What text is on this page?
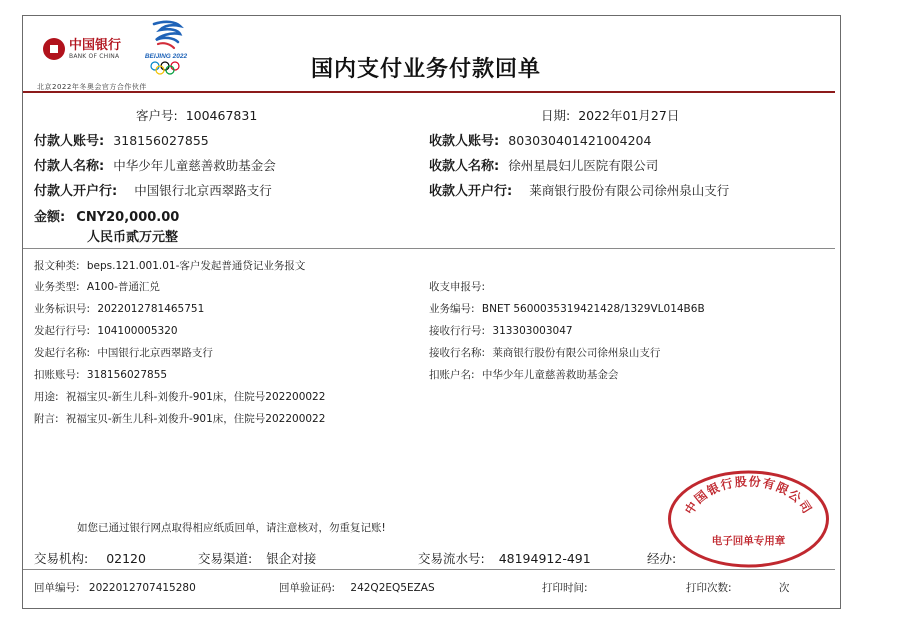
中国银行
BANK OF CHINA	BEIJING 2022
北京2022年冬奥会官方合作伙伴
国内支付业务付款回单
客户号: 100467831	日期: 2022年01月27日
付款人账号: 318156027855	收款人账号: 803030401421004204
付款人名称: 中华少年儿童慈善救助基金会	收款人名称: 徐州星晨妇儿医院有限公司
付款人开户行: 中国银行北京西翠路支行	收款人开户行: 莱商银行股份有限公司徐州泉山支行
金额: CNY20,000.00
人民币贰万元整
报文种类: beps.121.001.01-客户发起普通贷记业务报文
业务类型: A100-普通汇兑	收支申报号:
业务标识号: 2022012781465751	业务编号: BNET 5600035319421428/1329VL014B6B
发起行行号: 104100005320	接收行行号: 313303003047
发起行名称: 中国银行北京西翠路支行	接收行名称: 莱商银行股份有限公司徐州泉山支行
扣账账号: 318156027855	扣账户名: 中华少年儿童慈善救助基金会
用途: 祝福宝贝-新生儿科-刘俊升-901床，住院号202200022
附言: 祝福宝贝-新生儿科-刘俊升-901床，住院号202200022
中国银行股份有限公司
电子回单专用章
如您已通过银行网点取得相应纸质回单，请注意核对，勿重复记账!
交易机构: 02120	交易渠道: 银企对接	交易流水号: 48194912-491	经办:
回单编号: 2022012707415280	回单验证码: 242Q2EQ5EZAS	打印时间:	打印次数:	次
